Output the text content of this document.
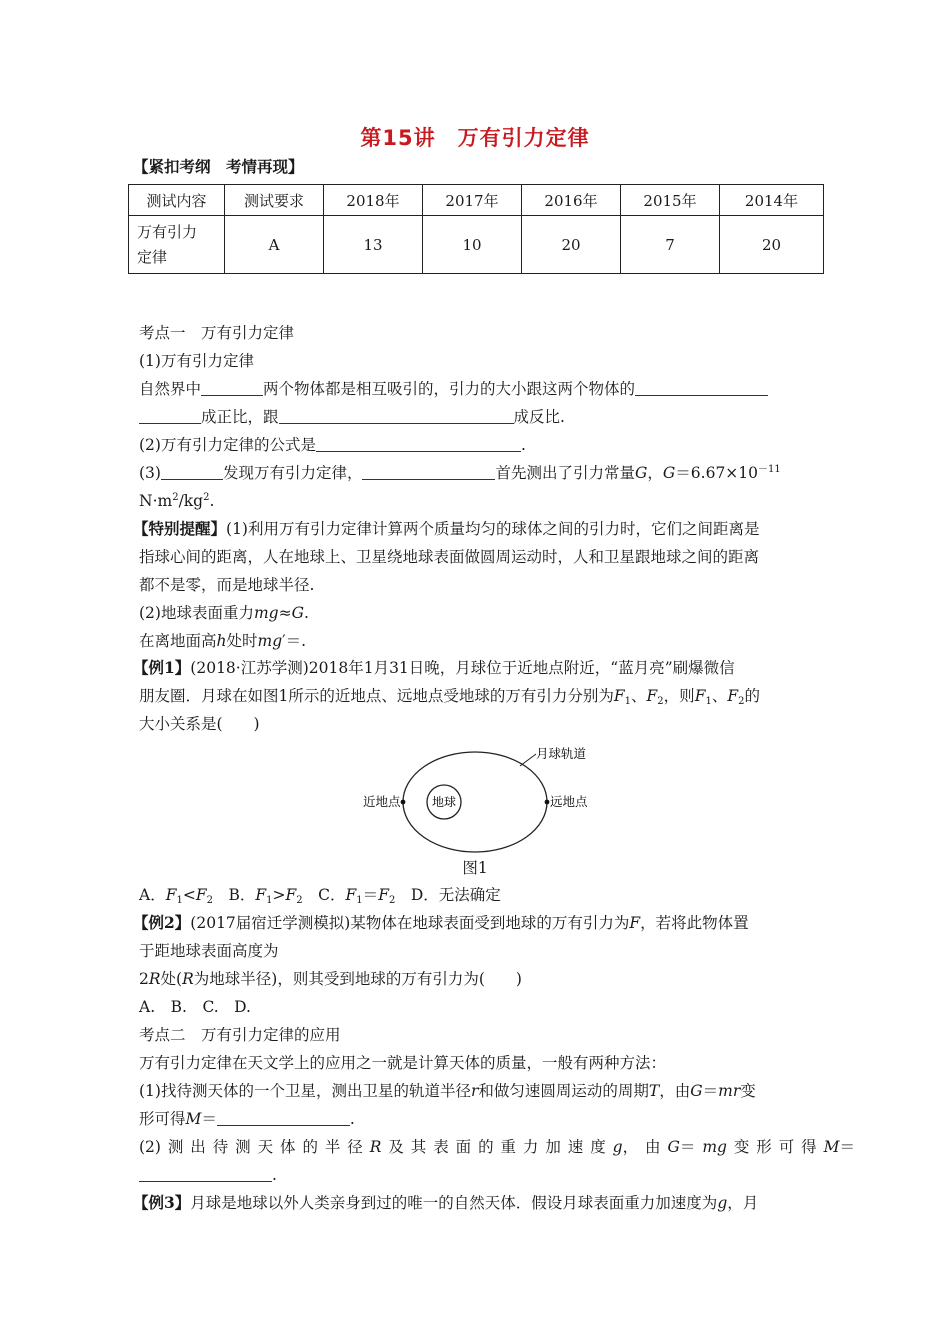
第15讲 万有引力定律
【紧扣考纲　考情再现】
测试内容	测试要求	2018年	2017年	2016年	2015年	2014年
万有引力
定律	A	13	10	20	7	20
考点一　万有引力定律
(1)万有引力定律
自然界中	两个物体都是相互吸引的，引力的大小跟这两个物体的
成正比，跟	成反比.
(2)万有引力定律的公式是	.
(3)	发现万有引力定律，	首先测出了引力常量G，$G=6.67\times 10^{-11}$
$N\cdot m^2/kg^2$.
【特别提醒】(1)利用万有引力定律计算两个质量均匀的球体之间的引力时，它们之间距离是
指球心间的距离，人在地球上、卫星绕地球表面做圆周运动时，人和卫星跟地球之间的距离
都不是零，而是地球半径.
(2)地球表面重力mg≈G.
在离地面高h处时mg′＝.
【例1】(2018·江苏学测)2018年1月31日晚，月球位于近地点附近，“蓝月亮”刷爆微信
朋友圈．月球在如图1所示的近地点、远地点受地球的万有引力分别为$F_1$、$F_2$，则$F_1$、$F_2$的
大小关系是(　　)
月球轨道
近地点	远地点
地球
图1
A．$F_1<F_2$　B．$F_1>F_2$　C．$F_1=F_2$　D．无法确定
【例2】(2017届宿迁学测模拟)某物体在地球表面受到地球的万有引力为F，若将此物体置
于距地球表面高度为
2R处(R为地球半径)，则其受到地球的万有引力为(　　)
A.　B.　C.　D.
考点二　万有引力定律的应用
万有引力定律在天文学上的应用之一就是计算天体的质量，一般有两种方法：
(1)找待测天体的一个卫星，测出卫星的轨道半径r和做匀速圆周运动的周期T，由G＝mr变
形可得M＝	.
(2) 测 出 待 测 天 体 的 半 径 R 及 其 表 面 的 重 力 加 速 度 g， 由 G＝ mg 变 形 可 得 M＝
.
【例3】月球是地球以外人类亲身到过的唯一的自然天体．假设月球表面重力加速度为g，月
